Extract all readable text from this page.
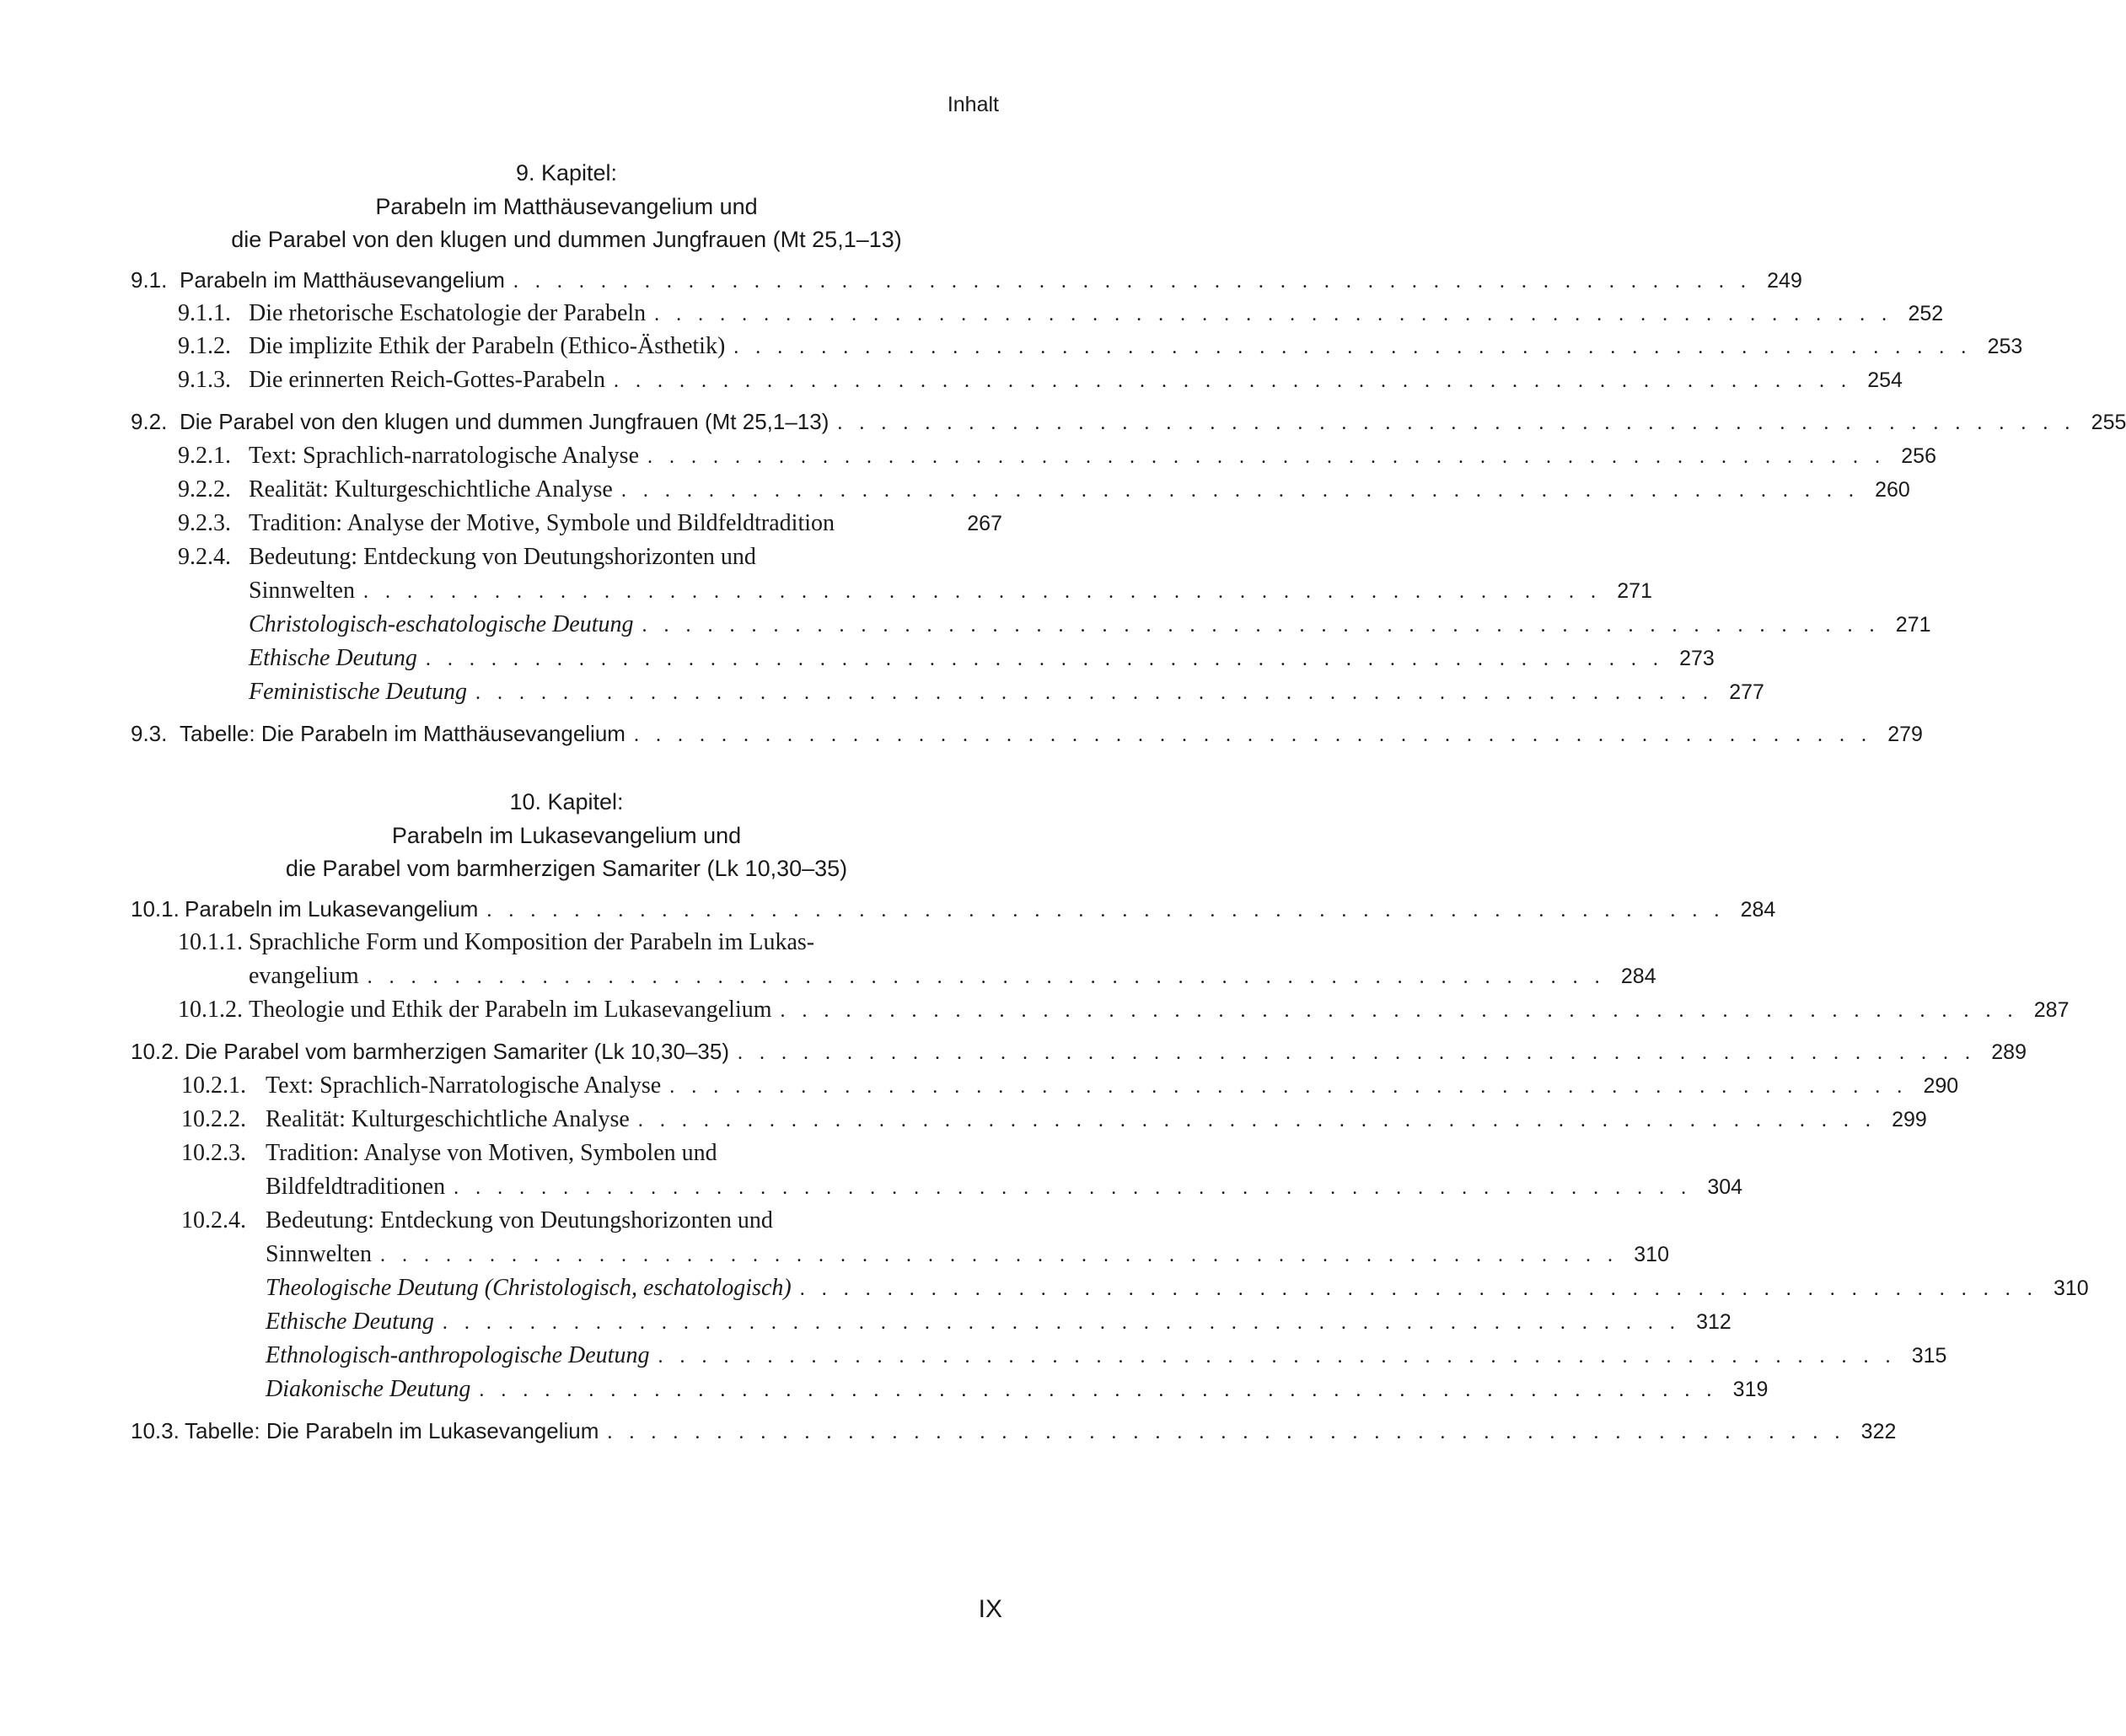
Inhalt
9. Kapitel:
Parabeln im Matthäusevangelium und
die Parabel von den klugen und dummen Jungfrauen (Mt 25,1–13)
9.1. Parabeln im Matthäusevangelium . . . . . . . . . . . . . . . . . . . . . . . . . . . . . . . . . . . . . . . . . . . . . . . . . . . . . . . . . 249
9.1.1. Die rhetorische Eschatologie der Parabeln . . . . . . . . . . . . . . . . . . . . . . . . . . . . . . . . . . . . . . . . . . . . . . . . . . . . . . . . . 252
9.1.2. Die implizite Ethik der Parabeln (Ethico-Ästhetik) . . . . . . . . . . . . . . . . . . . . . . . . . . . . . . . . . . . . . . . . . . . . . . . . . . . . . . . . . 253
9.1.3. Die erinnerten Reich-Gottes-Parabeln . . . . . . . . . . . . . . . . . . . . . . . . . . . . . . . . . . . . . . . . . . . . . . . . . . . . . . . . . 254
9.2. Die Parabel von den klugen und dummen Jungfrauen (Mt 25,1–13) . . . . . . . . . . . . . . . . . . . . . . . . . . . . . . . . . . . . . . . . . . . . . . . . . . . . . . . . . 255
9.2.1. Text: Sprachlich-narratologische Analyse . . . . . . . . . . . . . . . . . . . . . . . . . . . . . . . . . . . . . . . . . . . . . . . . . . . . . . . . . 256
9.2.2. Realität: Kulturgeschichtliche Analyse . . . . . . . . . . . . . . . . . . . . . . . . . . . . . . . . . . . . . . . . . . . . . . . . . . . . . . . . . 260
9.2.3. Tradition: Analyse der Motive, Symbole und Bildfeldtradition	267
9.2.4. Bedeutung: Entdeckung von Deutungshorizonten und
Sinnwelten . . . . . . . . . . . . . . . . . . . . . . . . . . . . . . . . . . . . . . . . . . . . . . . . . . . . . . . . . 271
Christologisch-eschatologische Deutung . . . . . . . . . . . . . . . . . . . . . . . . . . . . . . . . . . . . . . . . . . . . . . . . . . . . . . . . . 271
Ethische Deutung . . . . . . . . . . . . . . . . . . . . . . . . . . . . . . . . . . . . . . . . . . . . . . . . . . . . . . . . . 273
Feministische Deutung . . . . . . . . . . . . . . . . . . . . . . . . . . . . . . . . . . . . . . . . . . . . . . . . . . . . . . . . . 277
9.3. Tabelle: Die Parabeln im Matthäusevangelium . . . . . . . . . . . . . . . . . . . . . . . . . . . . . . . . . . . . . . . . . . . . . . . . . . . . . . . . . 279
10. Kapitel:
Parabeln im Lukasevangelium und
die Parabel vom barmherzigen Samariter (Lk 10,30–35)
10.1. Parabeln im Lukasevangelium . . . . . . . . . . . . . . . . . . . . . . . . . . . . . . . . . . . . . . . . . . . . . . . . . . . . . . . . . 284
10.1.1. Sprachliche Form und Komposition der Parabeln im Lukas-
evangelium . . . . . . . . . . . . . . . . . . . . . . . . . . . . . . . . . . . . . . . . . . . . . . . . . . . . . . . . . 284
10.1.2. Theologie und Ethik der Parabeln im Lukasevangelium . . . . . . . . . . . . . . . . . . . . . . . . . . . . . . . . . . . . . . . . . . . . . . . . . . . . . . . . . 287
10.2. Die Parabel vom barmherzigen Samariter (Lk 10,30–35) . . . . . . . . . . . . . . . . . . . . . . . . . . . . . . . . . . . . . . . . . . . . . . . . . . . . . . . . . 289
10.2.1. Text: Sprachlich-Narratologische Analyse . . . . . . . . . . . . . . . . . . . . . . . . . . . . . . . . . . . . . . . . . . . . . . . . . . . . . . . . . 290
10.2.2. Realität: Kulturgeschichtliche Analyse . . . . . . . . . . . . . . . . . . . . . . . . . . . . . . . . . . . . . . . . . . . . . . . . . . . . . . . . . 299
10.2.3. Tradition: Analyse von Motiven, Symbolen und
Bildfeldtraditionen . . . . . . . . . . . . . . . . . . . . . . . . . . . . . . . . . . . . . . . . . . . . . . . . . . . . . . . . . 304
10.2.4. Bedeutung: Entdeckung von Deutungshorizonten und
Sinnwelten . . . . . . . . . . . . . . . . . . . . . . . . . . . . . . . . . . . . . . . . . . . . . . . . . . . . . . . . . 310
Theologische Deutung (Christologisch, eschatologisch) . . . . . . . . . . . . . . . . . . . . . . . . . . . . . . . . . . . . . . . . . . . . . . . . . . . . . . . . . 310
Ethische Deutung . . . . . . . . . . . . . . . . . . . . . . . . . . . . . . . . . . . . . . . . . . . . . . . . . . . . . . . . . 312
Ethnologisch-anthropologische Deutung . . . . . . . . . . . . . . . . . . . . . . . . . . . . . . . . . . . . . . . . . . . . . . . . . . . . . . . . . 315
Diakonische Deutung . . . . . . . . . . . . . . . . . . . . . . . . . . . . . . . . . . . . . . . . . . . . . . . . . . . . . . . . . 319
10.3. Tabelle: Die Parabeln im Lukasevangelium . . . . . . . . . . . . . . . . . . . . . . . . . . . . . . . . . . . . . . . . . . . . . . . . . . . . . . . . . 322
IX
